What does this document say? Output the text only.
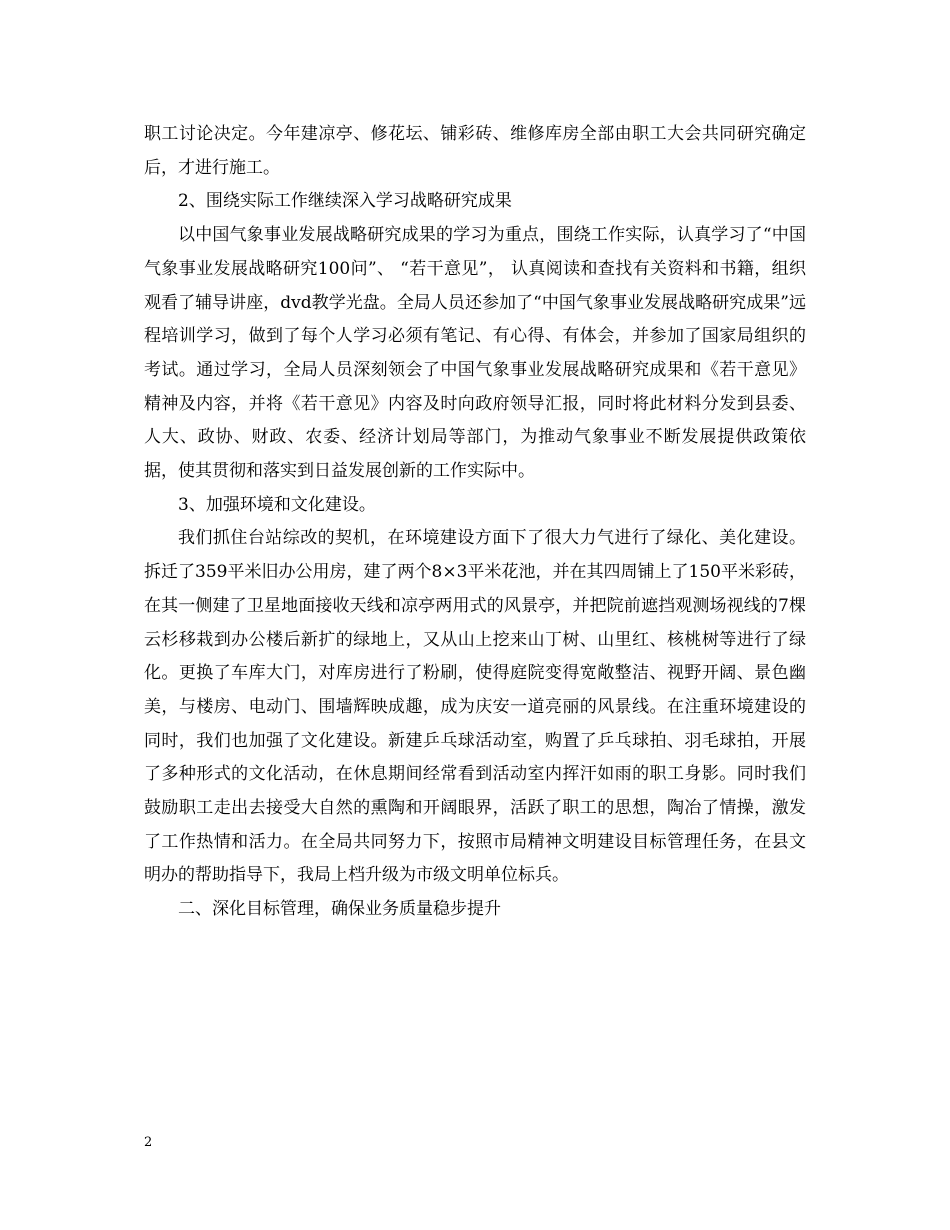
职工讨论决定。今年建凉亭、修花坛、铺彩砖、维修库房全部由职工大会共同研究确定后，才进行施工。

2、围绕实际工作继续深入学习战略研究成果

以中国气象事业发展战略研究成果的学习为重点，围绕工作实际，认真学习了“中国气象事业发展战略研究100问”、 “若干意见”， 认真阅读和查找有关资料和书籍，组织观看了辅导讲座，dvd教学光盘。全局人员还参加了“中国气象事业发展战略研究成果”远程培训学习，做到了每个人学习必须有笔记、有心得、有体会，并参加了国家局组织的考试。通过学习，全局人员深刻领会了中国气象事业发展战略研究成果和《若干意见》精神及内容，并将《若干意见》内容及时向政府领导汇报，同时将此材料分发到县委、人大、政协、财政、农委、经济计划局等部门，为推动气象事业不断发展提供政策依据，使其贯彻和落实到日益发展创新的工作实际中。

3、加强环境和文化建设。

我们抓住台站综改的契机，在环境建设方面下了很大力气进行了绿化、美化建设。拆迁了359平米旧办公用房，建了两个8×3平米花池，并在其四周铺上了150平米彩砖，在其一侧建了卫星地面接收天线和凉亭两用式的风景亭，并把院前遮挡观测场视线的7棵云杉移栽到办公楼后新扩的绿地上，又从山上挖来山丁树、山里红、核桃树等进行了绿化。更换了车库大门，对库房进行了粉刷，使得庭院变得宽敞整洁、视野开阔、景色幽美，与楼房、电动门、围墙辉映成趣，成为庆安一道亮丽的风景线。在注重环境建设的同时，我们也加强了文化建设。新建乒乓球活动室，购置了乒乓球拍、羽毛球拍，开展了多种形式的文化活动，在休息期间经常看到活动室内挥汗如雨的职工身影。同时我们鼓励职工走出去接受大自然的熏陶和开阔眼界，活跃了职工的思想，陶冶了情操，激发了工作热情和活力。在全局共同努力下，按照市局精神文明建设目标管理任务，在县文明办的帮助指导下，我局上档升级为市级文明单位标兵。

二、深化目标管理，确保业务质量稳步提升

2
